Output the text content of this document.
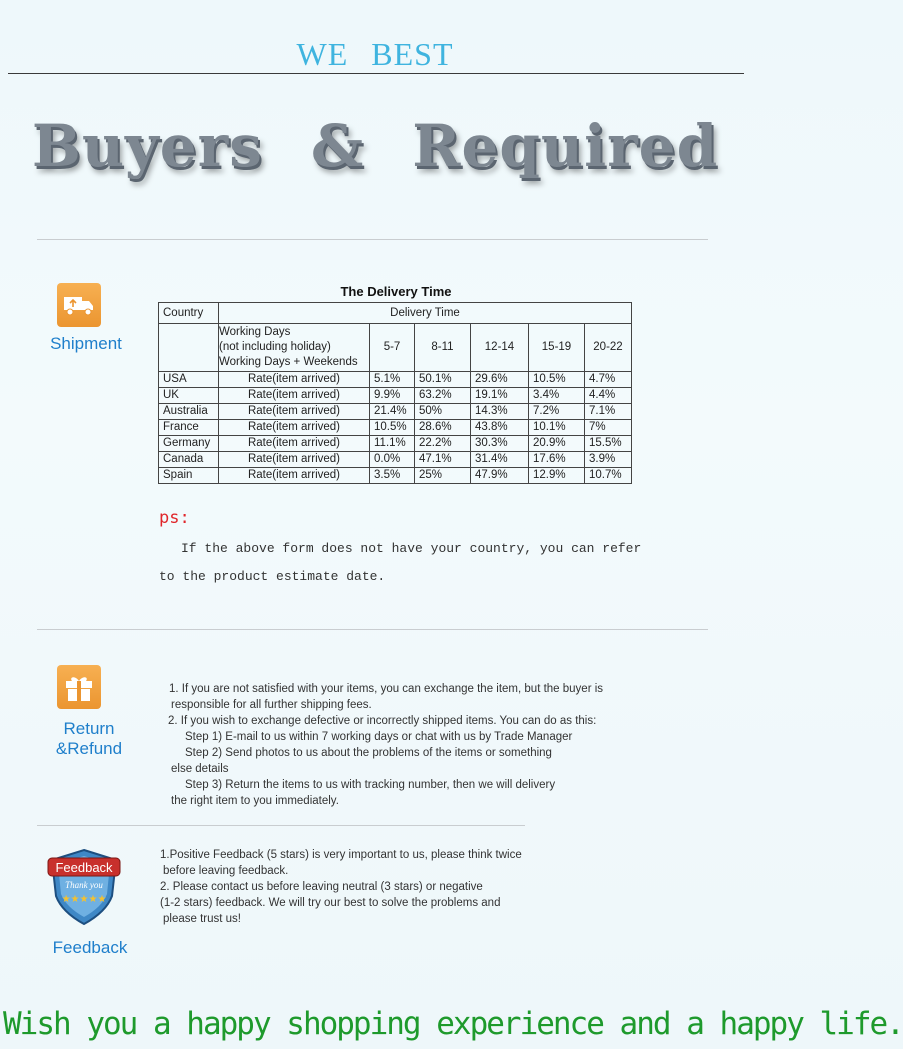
WE BEST
Buyers & Required
Shipment
The Delivery Time
Country	Delivery Time					

	Working Days
(not including holiday)
Working Days + Weekends	5-7	8-11	12-14	15-19	20-22
USA	Rate(item arrived)	5.1%	50.1%	29.6%	10.5%	4.7%
UK	Rate(item arrived)	9.9%	63.2%	19.1%	3.4%	4.4%
Australia	Rate(item arrived)	21.4%	50%	14.3%	7.2%	7.1%
France	Rate(item arrived)	10.5%	28.6%	43.8%	10.1%	7%
Germany	Rate(item arrived)	11.1%	22.2%	30.3%	20.9%	15.5%
Canada	Rate(item arrived)	0.0%	47.1%	31.4%	17.6%	3.9%
Spain	Rate(item arrived)	3.5%	25%	47.9%	12.9%	10.7%
ps:
If the above form does not have your country, you can refer
to the product estimate date.
Return &Refund
1. If you are not satisfied with your items, you can exchange the item, but the buyer is
responsible for all further shipping fees.
2. If you wish to exchange defective or incorrectly shipped items. You can do as this:
Step 1) E-mail to us within 7 working days or chat with us by Trade Manager
Step 2) Send photos to us about the problems of the items or something
else details
Step 3) Return the items to us with tracking number, then we will delivery
the right item to you immediately.
Feedback
Thank you
★★★★★
Feedback
1.Positive Feedback (5 stars) is very important to us, please think twice
before leaving feedback.
2. Please contact us before leaving neutral (3 stars) or negative
(1-2 stars) feedback. We will try our best to solve the problems and
please trust us!
Wish you a happy shopping experience and a happy life.
